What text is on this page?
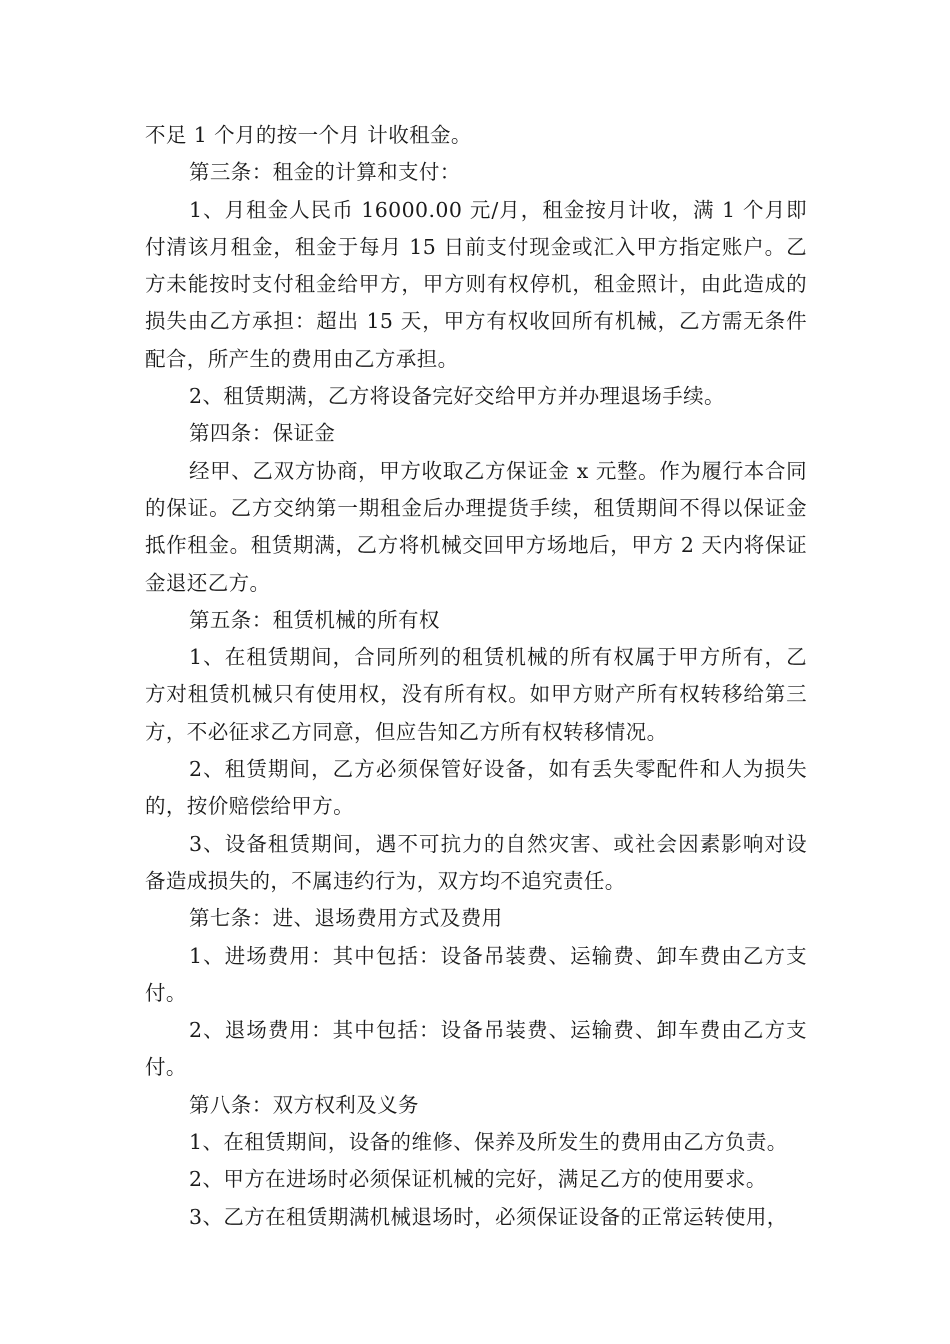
不足 1 个月的按一个月 计收租金。

第三条：租金的计算和支付：

1、月租金人民币 16000.00 元/月，租金按月计收，满 1 个月即付清该月租金，租金于每月 15 日前支付现金或汇入甲方指定账户。乙方未能按时支付租金给甲方，甲方则有权停机，租金照计，由此造成的损失由乙方承担：超出 15 天，甲方有权收回所有机械，乙方需无条件配合，所产生的费用由乙方承担。

2、租赁期满，乙方将设备完好交给甲方并办理退场手续。

第四条：保证金

经甲、乙双方协商，甲方收取乙方保证金 x 元整。作为履行本合同的保证。乙方交纳第一期租金后办理提货手续，租赁期间不得以保证金抵作租金。租赁期满，乙方将机械交回甲方场地后，甲方 2 天内将保证金退还乙方。

第五条：租赁机械的所有权

1、在租赁期间，合同所列的租赁机械的所有权属于甲方所有，乙方对租赁机械只有使用权，没有所有权。如甲方财产所有权转移给第三方，不必征求乙方同意，但应告知乙方所有权转移情况。

2、租赁期间，乙方必须保管好设备，如有丢失零配件和人为损失的，按价赔偿给甲方。

3、设备租赁期间，遇不可抗力的自然灾害、或社会因素影响对设备造成损失的，不属违约行为，双方均不追究责任。

第七条：进、退场费用方式及费用

1、进场费用：其中包括：设备吊装费、运输费、卸车费由乙方支付。

2、退场费用：其中包括：设备吊装费、运输费、卸车费由乙方支付。

第八条：双方权利及义务

1、在租赁期间，设备的维修、保养及所发生的费用由乙方负责。

2、甲方在进场时必须保证机械的完好，满足乙方的使用要求。

3、乙方在租赁期满机械退场时，必须保证设备的正常运转使用，
